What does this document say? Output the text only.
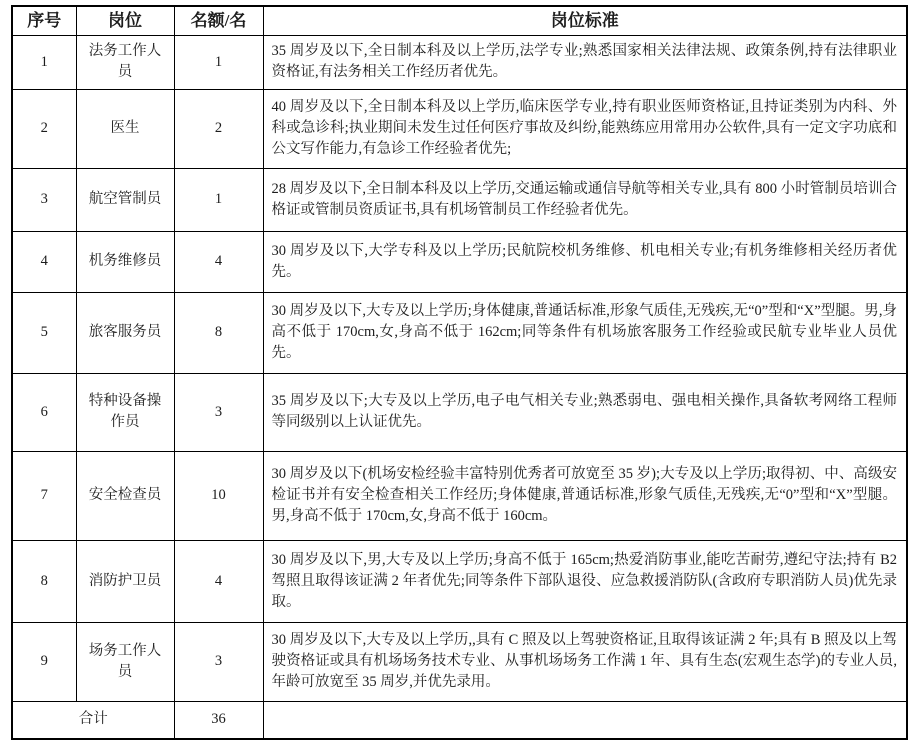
序号	岗位	名额/名	岗位标准
1	法务工作人员	1	35 周岁及以下,全日制本科及以上学历,法学专业;熟悉国家相关法律法规、政策条例,持有法律职业资格证,有法务相关工作经历者优先。
2	医生	2	40 周岁及以下,全日制本科及以上学历,临床医学专业,持有职业医师资格证,且持证类别为内科、外科或急诊科;执业期间未发生过任何医疗事故及纠纷,能熟练应用常用办公软件,具有一定文字功底和公文写作能力,有急诊工作经验者优先;
3	航空管制员	1	28 周岁及以下,全日制本科及以上学历,交通运输或通信导航等相关专业,具有 800 小时管制员培训合格证或管制员资质证书,具有机场管制员工作经验者优先。
4	机务维修员	4	30 周岁及以下,大学专科及以上学历;民航院校机务维修、机电相关专业;有机务维修相关经历者优先。
5	旅客服务员	8	30 周岁及以下,大专及以上学历;身体健康,普通话标准,形象气质佳,无残疾,无“0”型和“X”型腿。男,身高不低于 170cm,女,身高不低于 162cm;同等条件有机场旅客服务工作经验或民航专业毕业人员优先。
6	特种设备操作员	3	35 周岁及以下;大专及以上学历,电子电气相关专业;熟悉弱电、强电相关操作,具备软考网络工程师等同级别以上认证优先。
7	安全检查员	10	30 周岁及以下(机场安检经验丰富特别优秀者可放宽至 35 岁);大专及以上学历;取得初、中、高级安检证书并有安全检查相关工作经历;身体健康,普通话标准,形象气质佳,无残疾,无“0”型和“X”型腿。男,身高不低于 170cm,女,身高不低于 160cm。
8	消防护卫员	4	30 周岁及以下,男,大专及以上学历;身高不低于 165cm;热爱消防事业,能吃苦耐劳,遵纪守法;持有 B2 驾照且取得该证满 2 年者优先;同等条件下部队退役、应急救援消防队(含政府专职消防人员)优先录取。
9	场务工作人员	3	30 周岁及以下,大专及以上学历,,具有 C 照及以上驾驶资格证,且取得该证满 2 年;具有 B 照及以上驾驶资格证或具有机场场务技术专业、从事机场场务工作满 1 年、具有生态(宏观生态学)的专业人员,年龄可放宽至 35 周岁,并优先录用。
合计		36	
